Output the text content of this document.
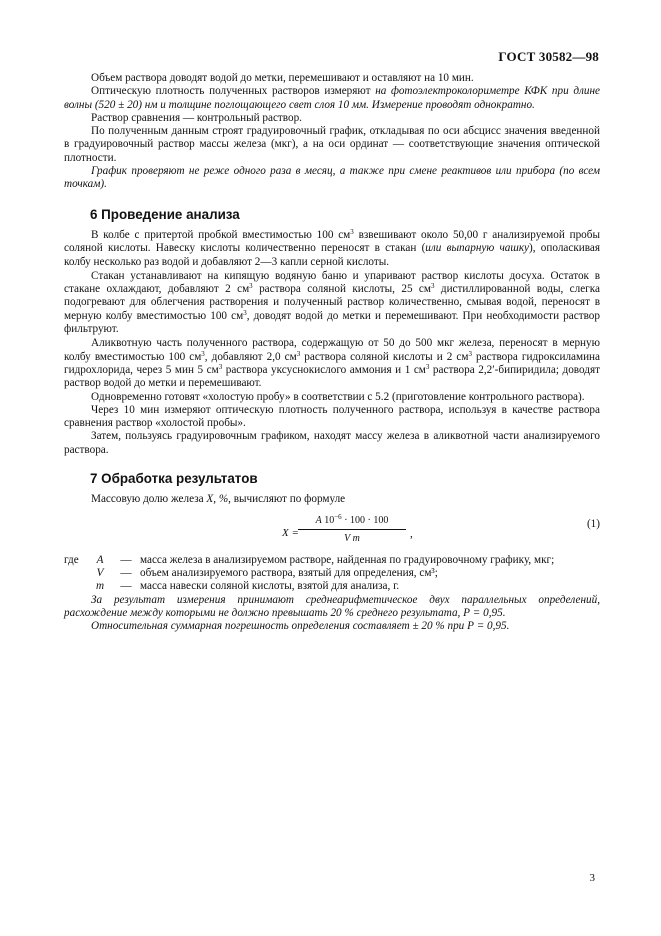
ГОСТ 30582—98

Объем раствора доводят водой до метки, перемешивают и оставляют на 10 мин.

Оптическую плотность полученных растворов измеряют на фотоэлектроколориметре КФК при длине волны (520 ± 20) нм и толщине поглощающего свет слоя 10 мм. Измерение проводят однократно.

Раствор сравнения — контрольный раствор.

По полученным данным строят градуировочный график, откладывая по оси абсцисс значения введенной в градуировочный раствор массы железа (мкг), а на оси ординат — соответствующие значения оптической плотности.

График проверяют не реже одного раза в месяц, а также при смене реактивов или прибора (по всем точкам).

6 Проведение анализа

В колбе с притертой пробкой вместимостью 100 $см^3$ взвешивают около 50,00 г анализируемой пробы соляной кислоты. Навеску кислоты количественно переносят в стакан (или выпарную чашку), ополаскивая колбу несколько раз водой и добавляют 2—3 капли серной кислоты.

Стакан устанавливают на кипящую водяную баню и упаривают раствор кислоты досуха. Остаток в стакане охлаждают, добавляют 2 $см^3$ раствора соляной кислоты, 25 $см^3$ дистиллированной воды, слегка подогревают для облегчения растворения и полученный раствор количественно, смывая водой, переносят в мерную колбу вместимостью 100 $см^3$, доводят водой до метки и перемешивают. При необходимости раствор фильтруют.

Аликвотную часть полученного раствора, содержащую от 50 до 500 мкг железа, переносят в мерную колбу вместимостью 100 $см^3$, добавляют 2,0 $см^3$ раствора соляной кислоты и 2 $см^3$ раствора гидроксиламина гидрохлорида, через 5 мин 5 $см^3$ раствора уксуснокислого аммония и 1 $см^3$ раствора 2,2′-бипиридила; доводят раствор водой до метки и перемешивают.

Одновременно готовят «холостую пробу» в соответствии с 5.2 (приготовление контрольного раствора).

Через 10 мин измеряют оптическую плотность полученного раствора, используя в качестве раствора сравнения раствор «холостой пробы».

Затем, пользуясь градуировочным графиком, находят массу железа в аликвотной части анализируемого раствора.

7 Обработка результатов

Массовую долю железа X, %, вычисляют по формуле

$X = \frac{A 10^{-6} \cdot 100 \cdot 100}{\text{V m}}$ ,
(1)
где	A	— масса железа в анализируемом растворе, найденная по градуировочному графику, мкг;
V	— объем анализируемого раствора, взятый для определения, см³;
m	— масса навески соляной кислоты, взятой для анализа, г.

За результат измерения принимают среднеарифметическое двух параллельных определений, расхождение между которыми не должно превышать 20 % среднего результата, Р = 0,95.

Относительная суммарная погрешность определения составляет ± 20 % при Р = 0,95.

3
